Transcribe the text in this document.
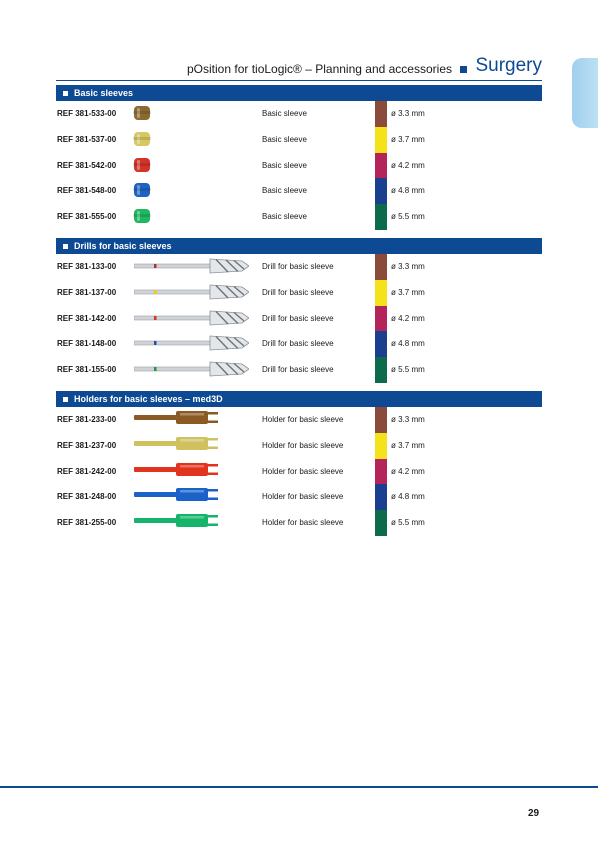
pOsition for tioLogic® – Planning and accessories Surgery
Basic sleeves
REF 381-533-00	Basic sleeve	ø 3.3 mm
REF 381-537-00	Basic sleeve	ø 3.7 mm
REF 381-542-00	Basic sleeve	ø 4.2 mm
REF 381-548-00	Basic sleeve	ø 4.8 mm
REF 381-555-00	Basic sleeve	ø 5.5 mm
Drills for basic sleeves
REF 381-133-00	Drill for basic sleeve	ø 3.3 mm
REF 381-137-00	Drill for basic sleeve	ø 3.7 mm
REF 381-142-00	Drill for basic sleeve	ø 4.2 mm
REF 381-148-00	Drill for basic sleeve	ø 4.8 mm
REF 381-155-00	Drill for basic sleeve	ø 5.5 mm
Holders for basic sleeves – med3D
REF 381-233-00	Holder for basic sleeve	ø 3.3 mm
REF 381-237-00	Holder for basic sleeve	ø 3.7 mm
REF 381-242-00	Holder for basic sleeve	ø 4.2 mm
REF 381-248-00	Holder for basic sleeve	ø 4.8 mm
REF 381-255-00	Holder for basic sleeve	ø 5.5 mm
29
